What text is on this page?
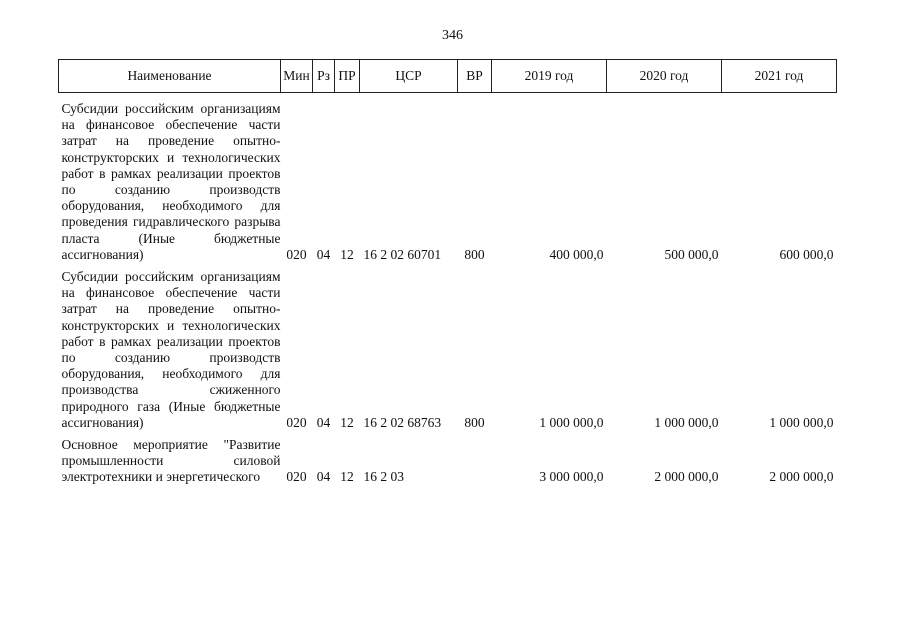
346
Наименование	Мин	Рз	ПР	ЦСР	ВР	2019 год	2020 год	2021 год
Субсидии российским организациям на финансовое обеспечение части затрат на проведение опытно-конструкторских и технологических работ в рамках реализации проектов по созданию производств оборудования, необходимого для проведения гидравлического разрыва пласта (Иные бюджетные ассигнования)	020	04	12	16 2 02 60701	800	400 000,0	500 000,0	600 000,0
Субсидии российским организациям на финансовое обеспечение части затрат на проведение опытно-конструкторских и технологических работ в рамках реализации проектов по созданию производств оборудования, необходимого для производства сжиженного природного газа (Иные бюджетные ассигнования)	020	04	12	16 2 02 68763	800	1 000 000,0	1 000 000,0	1 000 000,0
Основное мероприятие "Развитие промышленности силовой электротехники и энергетического	020	04	12	16 2 03		3 000 000,0	2 000 000,0	2 000 000,0
